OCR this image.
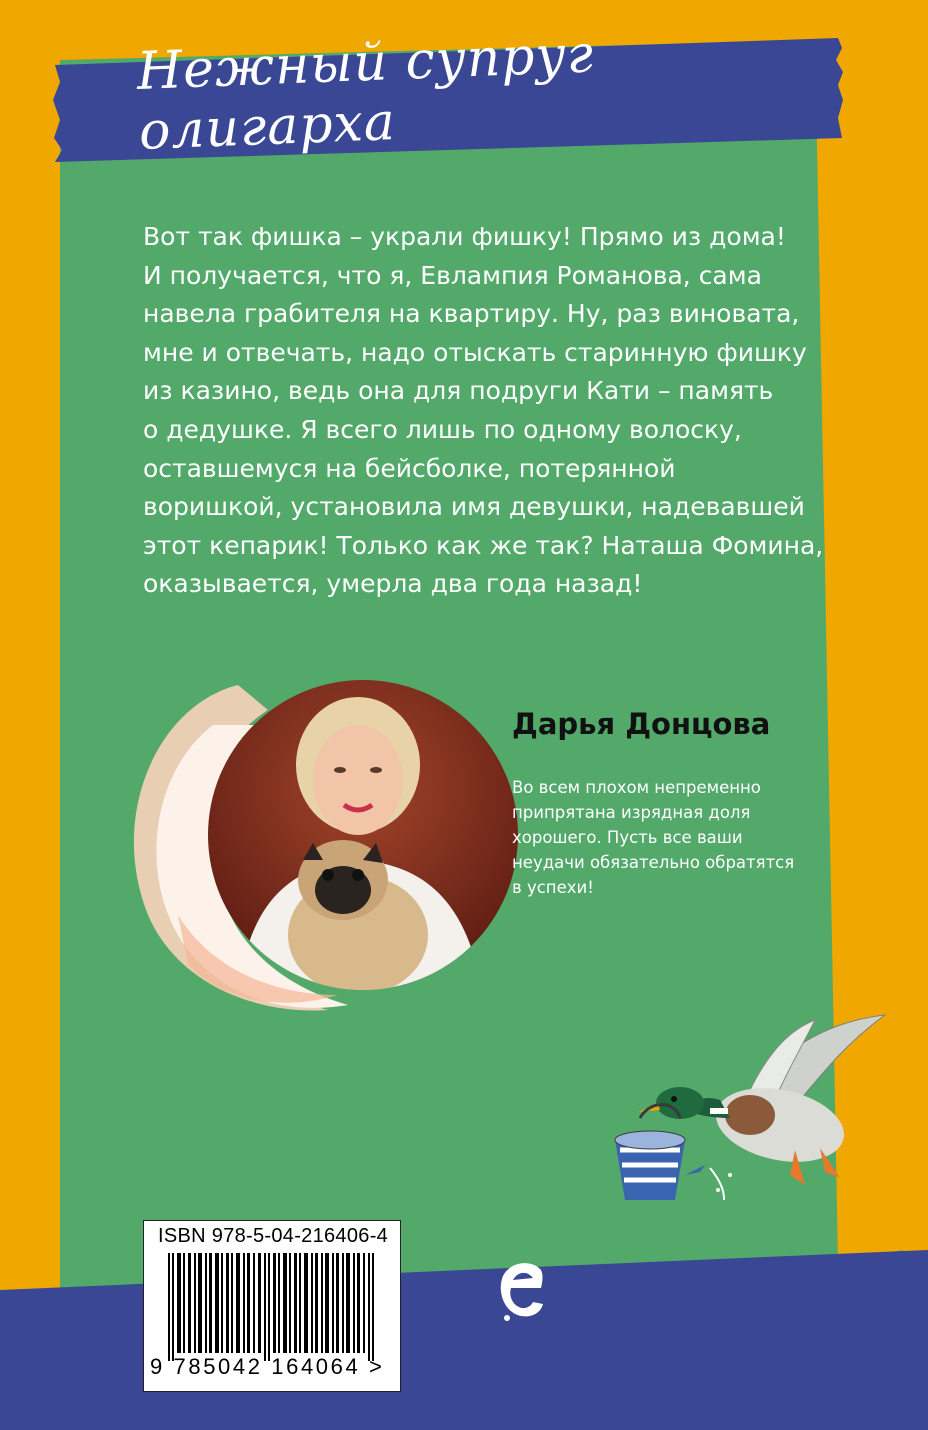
Нежный супруг олигарха
Вот так фишка – украли фишку! Прямо из дома!
И получается, что я, Евлампия Романова, сама
навела грабителя на квартиру. Ну, раз виновата,
мне и отвечать, надо отыскать старинную фишку
из казино, ведь она для подруги Кати – память
о дедушке. Я всего лишь по одному волоску,
оставшемуся на бейсболке, потерянной
воришкой, установила имя девушки, надевавшей
этот кепарик! Только как же так? Наташа Фомина,
оказывается, умерла два года назад!
Дарья Донцова
Во всем плохом непременно
припрятана изрядная доля
хорошего. Пусть все ваши
неудачи обязательно обратятся
в успехи!
ISBN 978-5-04-216406-4
9 785042 164064 >
